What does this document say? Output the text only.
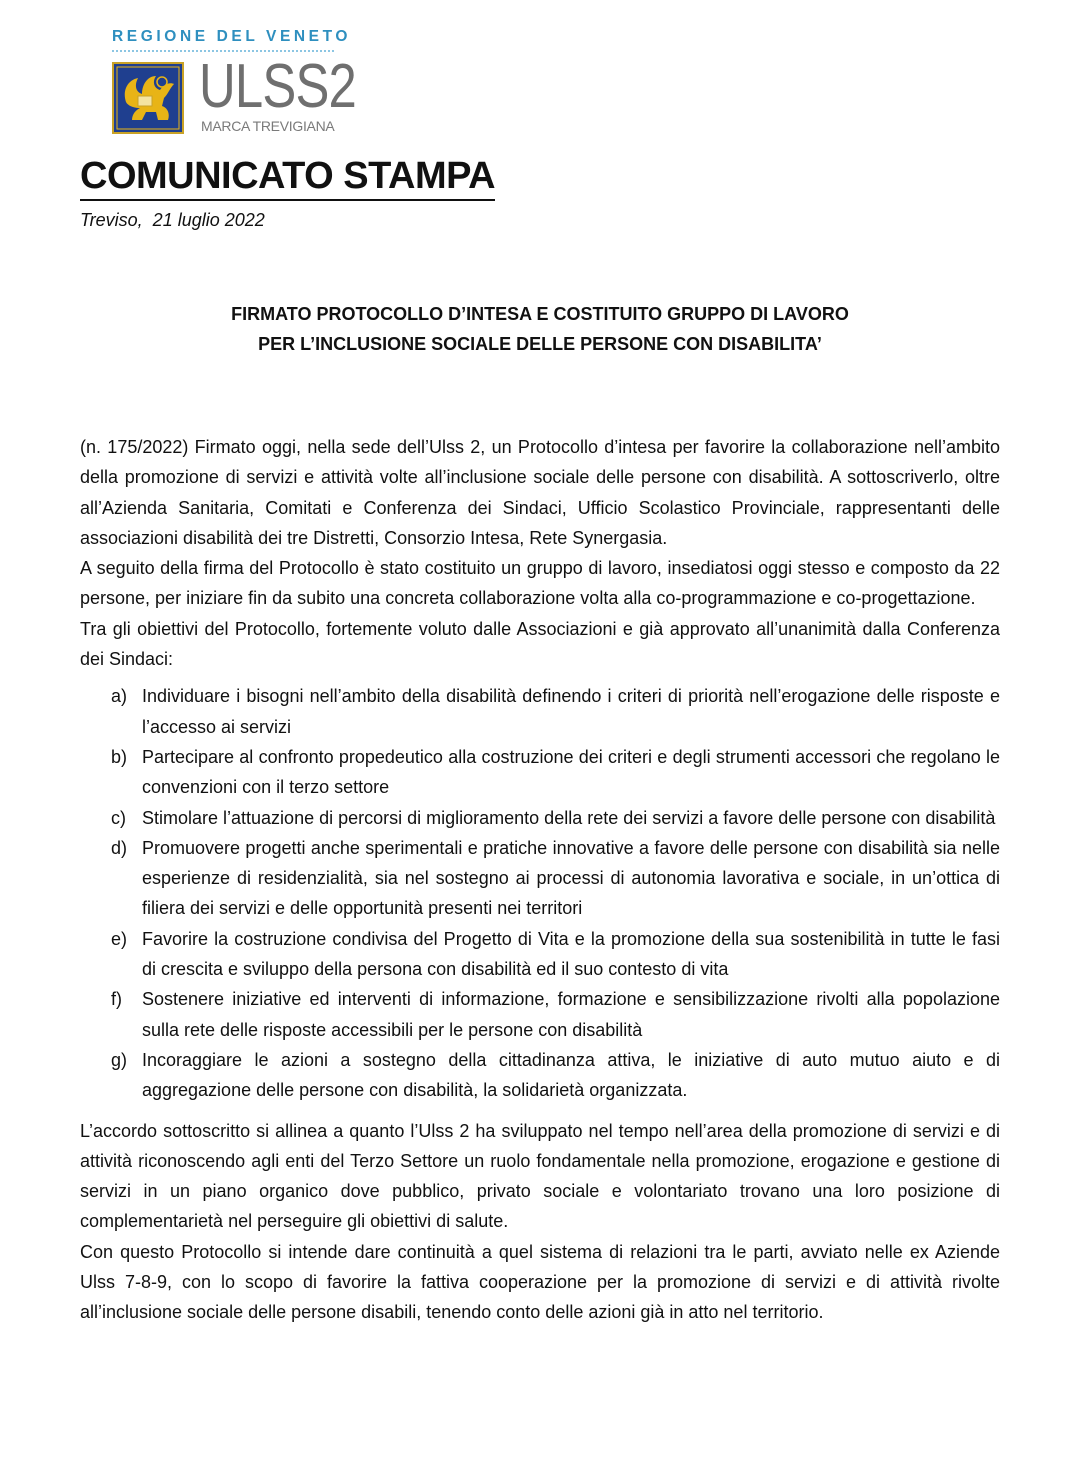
REGIONE DEL VENETO
ULSS2
MARCA TREVIGIANA
COMUNICATO STAMPA
Treviso,  21 luglio 2022
FIRMATO PROTOCOLLO D’INTESA E COSTITUITO GRUPPO DI LAVORO
PER L’INCLUSIONE SOCIALE DELLE PERSONE CON DISABILITA’

(n. 175/2022) Firmato oggi, nella sede dell’Ulss 2, un Protocollo d’intesa per favorire la collaborazione nell’ambito della promozione di servizi e attività volte all’inclusione sociale delle persone con disabilità. A sottoscriverlo, oltre all’Azienda Sanitaria, Comitati e Conferenza dei Sindaci, Ufficio Scolastico Provinciale, rappresentanti delle associazioni disabilità dei tre Distretti, Consorzio Intesa, Rete Synergasia.

A seguito della firma del Protocollo è stato costituito un gruppo di lavoro, insediatosi oggi stesso e composto da 22 persone, per iniziare fin da subito una concreta collaborazione volta alla co-programmazione e co-progettazione.

Tra gli obiettivi del Protocollo, fortemente voluto dalle Associazioni e già approvato all’unanimità dalla Conferenza dei Sindaci:

a) Individuare i bisogni nell’ambito della disabilità definendo i criteri di priorità nell’erogazione delle risposte e l’accesso ai servizi
b) Partecipare al confronto propedeutico alla costruzione dei criteri e degli strumenti accessori che regolano le convenzioni con il terzo settore
c) Stimolare l’attuazione di percorsi di miglioramento della rete dei servizi a favore delle persone con disabilità
d) Promuovere progetti anche sperimentali e pratiche innovative a favore delle persone con disabilità sia nelle esperienze di residenzialità, sia nel sostegno ai processi di autonomia lavorativa e sociale, in un’ottica di filiera dei servizi e delle opportunità presenti nei territori
e) Favorire la costruzione condivisa del Progetto di Vita e la promozione della sua sostenibilità in tutte le fasi di crescita e sviluppo della persona con disabilità ed il suo contesto di vita
f) Sostenere iniziative ed interventi di informazione, formazione e sensibilizzazione rivolti alla popolazione sulla rete delle risposte accessibili per le persone con disabilità
g) Incoraggiare le azioni a sostegno della cittadinanza attiva, le iniziative di auto mutuo aiuto e di aggregazione delle persone con disabilità, la solidarietà organizzata.

L’accordo sottoscritto si allinea a quanto l’Ulss 2 ha sviluppato nel tempo nell’area della promozione di servizi e di attività riconoscendo agli enti del Terzo Settore un ruolo fondamentale nella promozione, erogazione e gestione di servizi in un piano organico dove pubblico, privato sociale e volontariato trovano una loro posizione di complementarietà nel perseguire gli obiettivi di salute.

Con questo Protocollo si intende dare continuità a quel sistema di relazioni tra le parti, avviato nelle ex Aziende Ulss 7-8-9, con lo scopo di favorire la fattiva cooperazione per la promozione di servizi e di attività rivolte all’inclusione sociale delle persone disabili, tenendo conto delle azioni già in atto nel territorio.
